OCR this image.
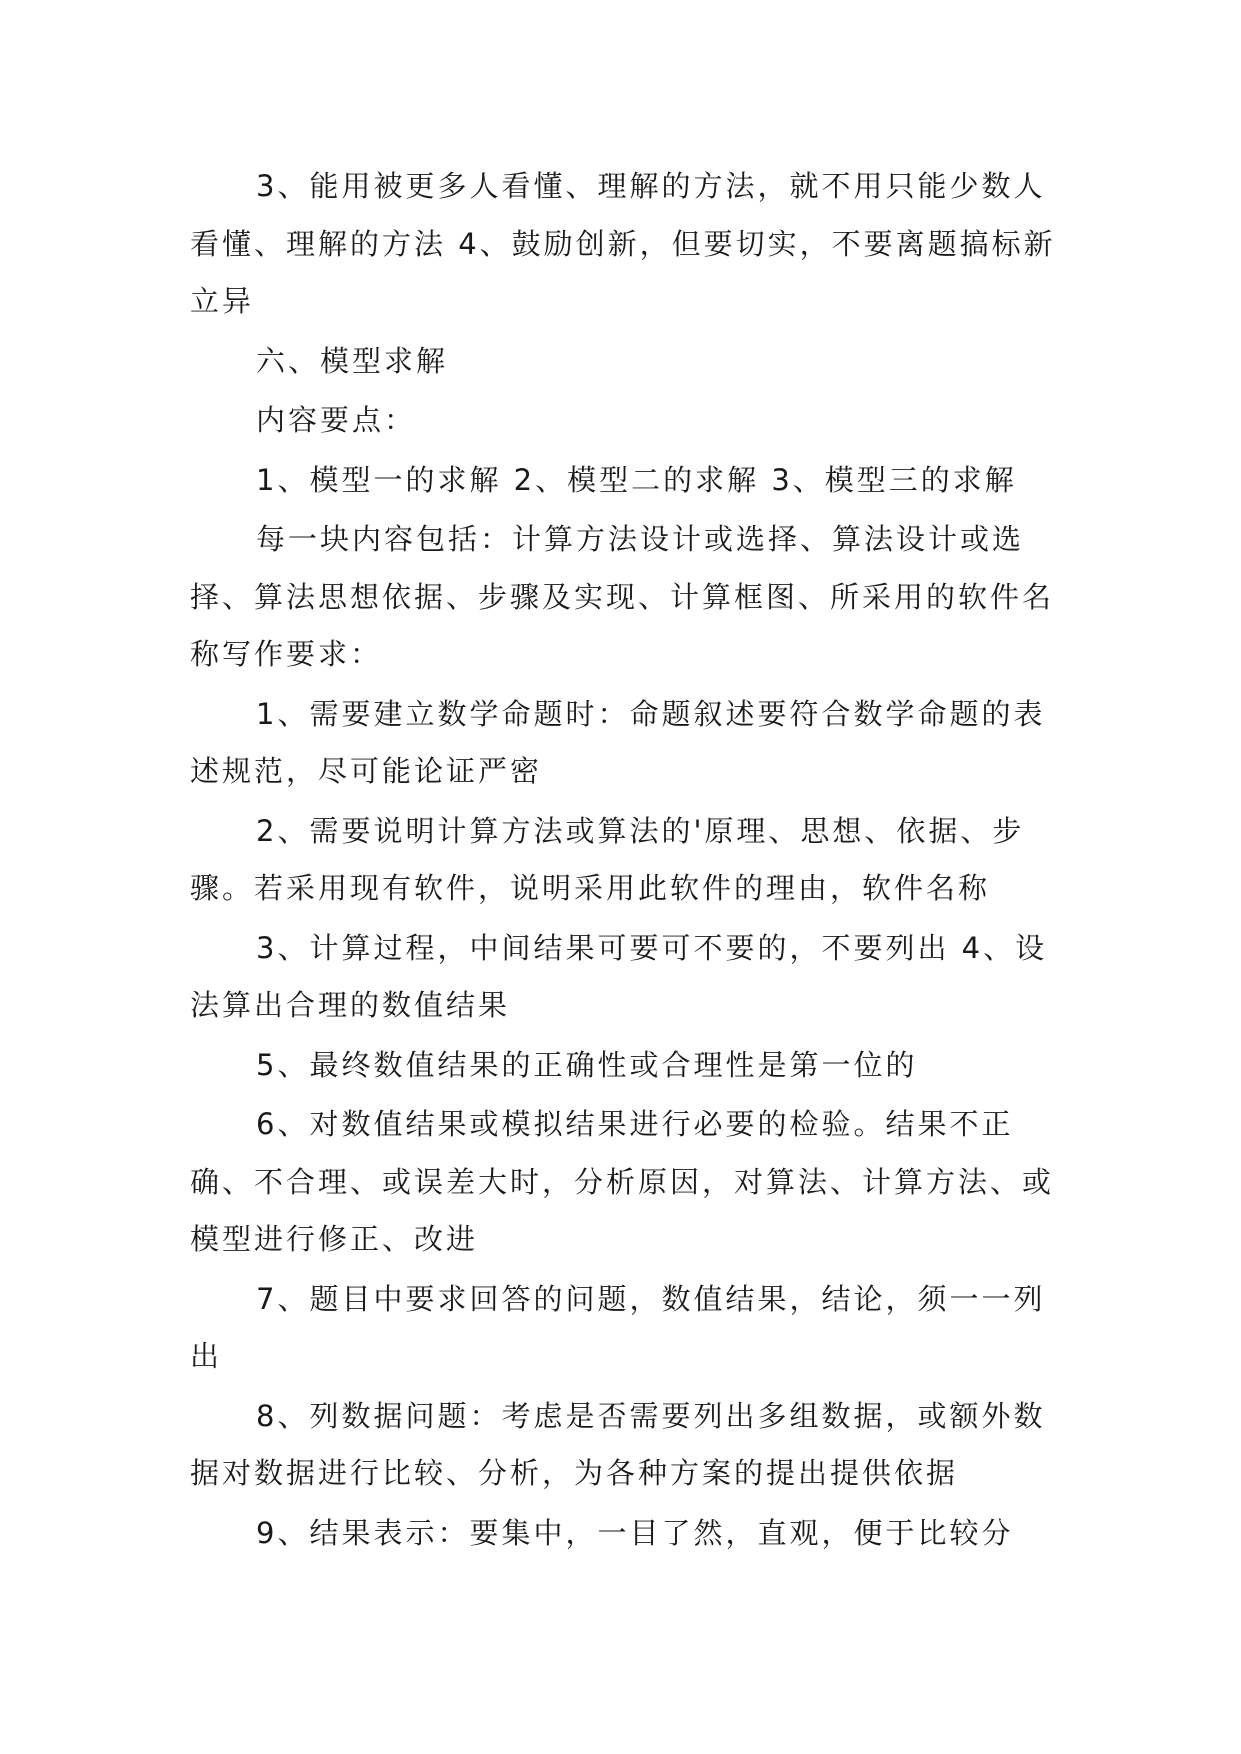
3、能用被更多人看懂、理解的方法，就不用只能少数人看懂、理解的方法 4、鼓励创新，但要切实，不要离题搞标新立异

六、模型求解

内容要点：

1、模型一的求解 2、模型二的求解 3、模型三的求解

每一块内容包括：计算方法设计或选择、算法设计或选择、算法思想依据、步骤及实现、计算框图、所采用的软件名称写作要求：

1、需要建立数学命题时：命题叙述要符合数学命题的表述规范，尽可能论证严密

2、需要说明计算方法或算法的'原理、思想、依据、步骤。若采用现有软件，说明采用此软件的理由，软件名称

3、计算过程，中间结果可要可不要的，不要列出 4、设法算出合理的数值结果

5、最终数值结果的正确性或合理性是第一位的

6、对数值结果或模拟结果进行必要的检验。结果不正确、不合理、或误差大时，分析原因，对算法、计算方法、或模型进行修正、改进

7、题目中要求回答的问题，数值结果，结论，须一一列出

8、列数据问题：考虑是否需要列出多组数据，或额外数据对数据进行比较、分析，为各种方案的提出提供依据

9、结果表示：要集中，一目了然，直观，便于比较分
